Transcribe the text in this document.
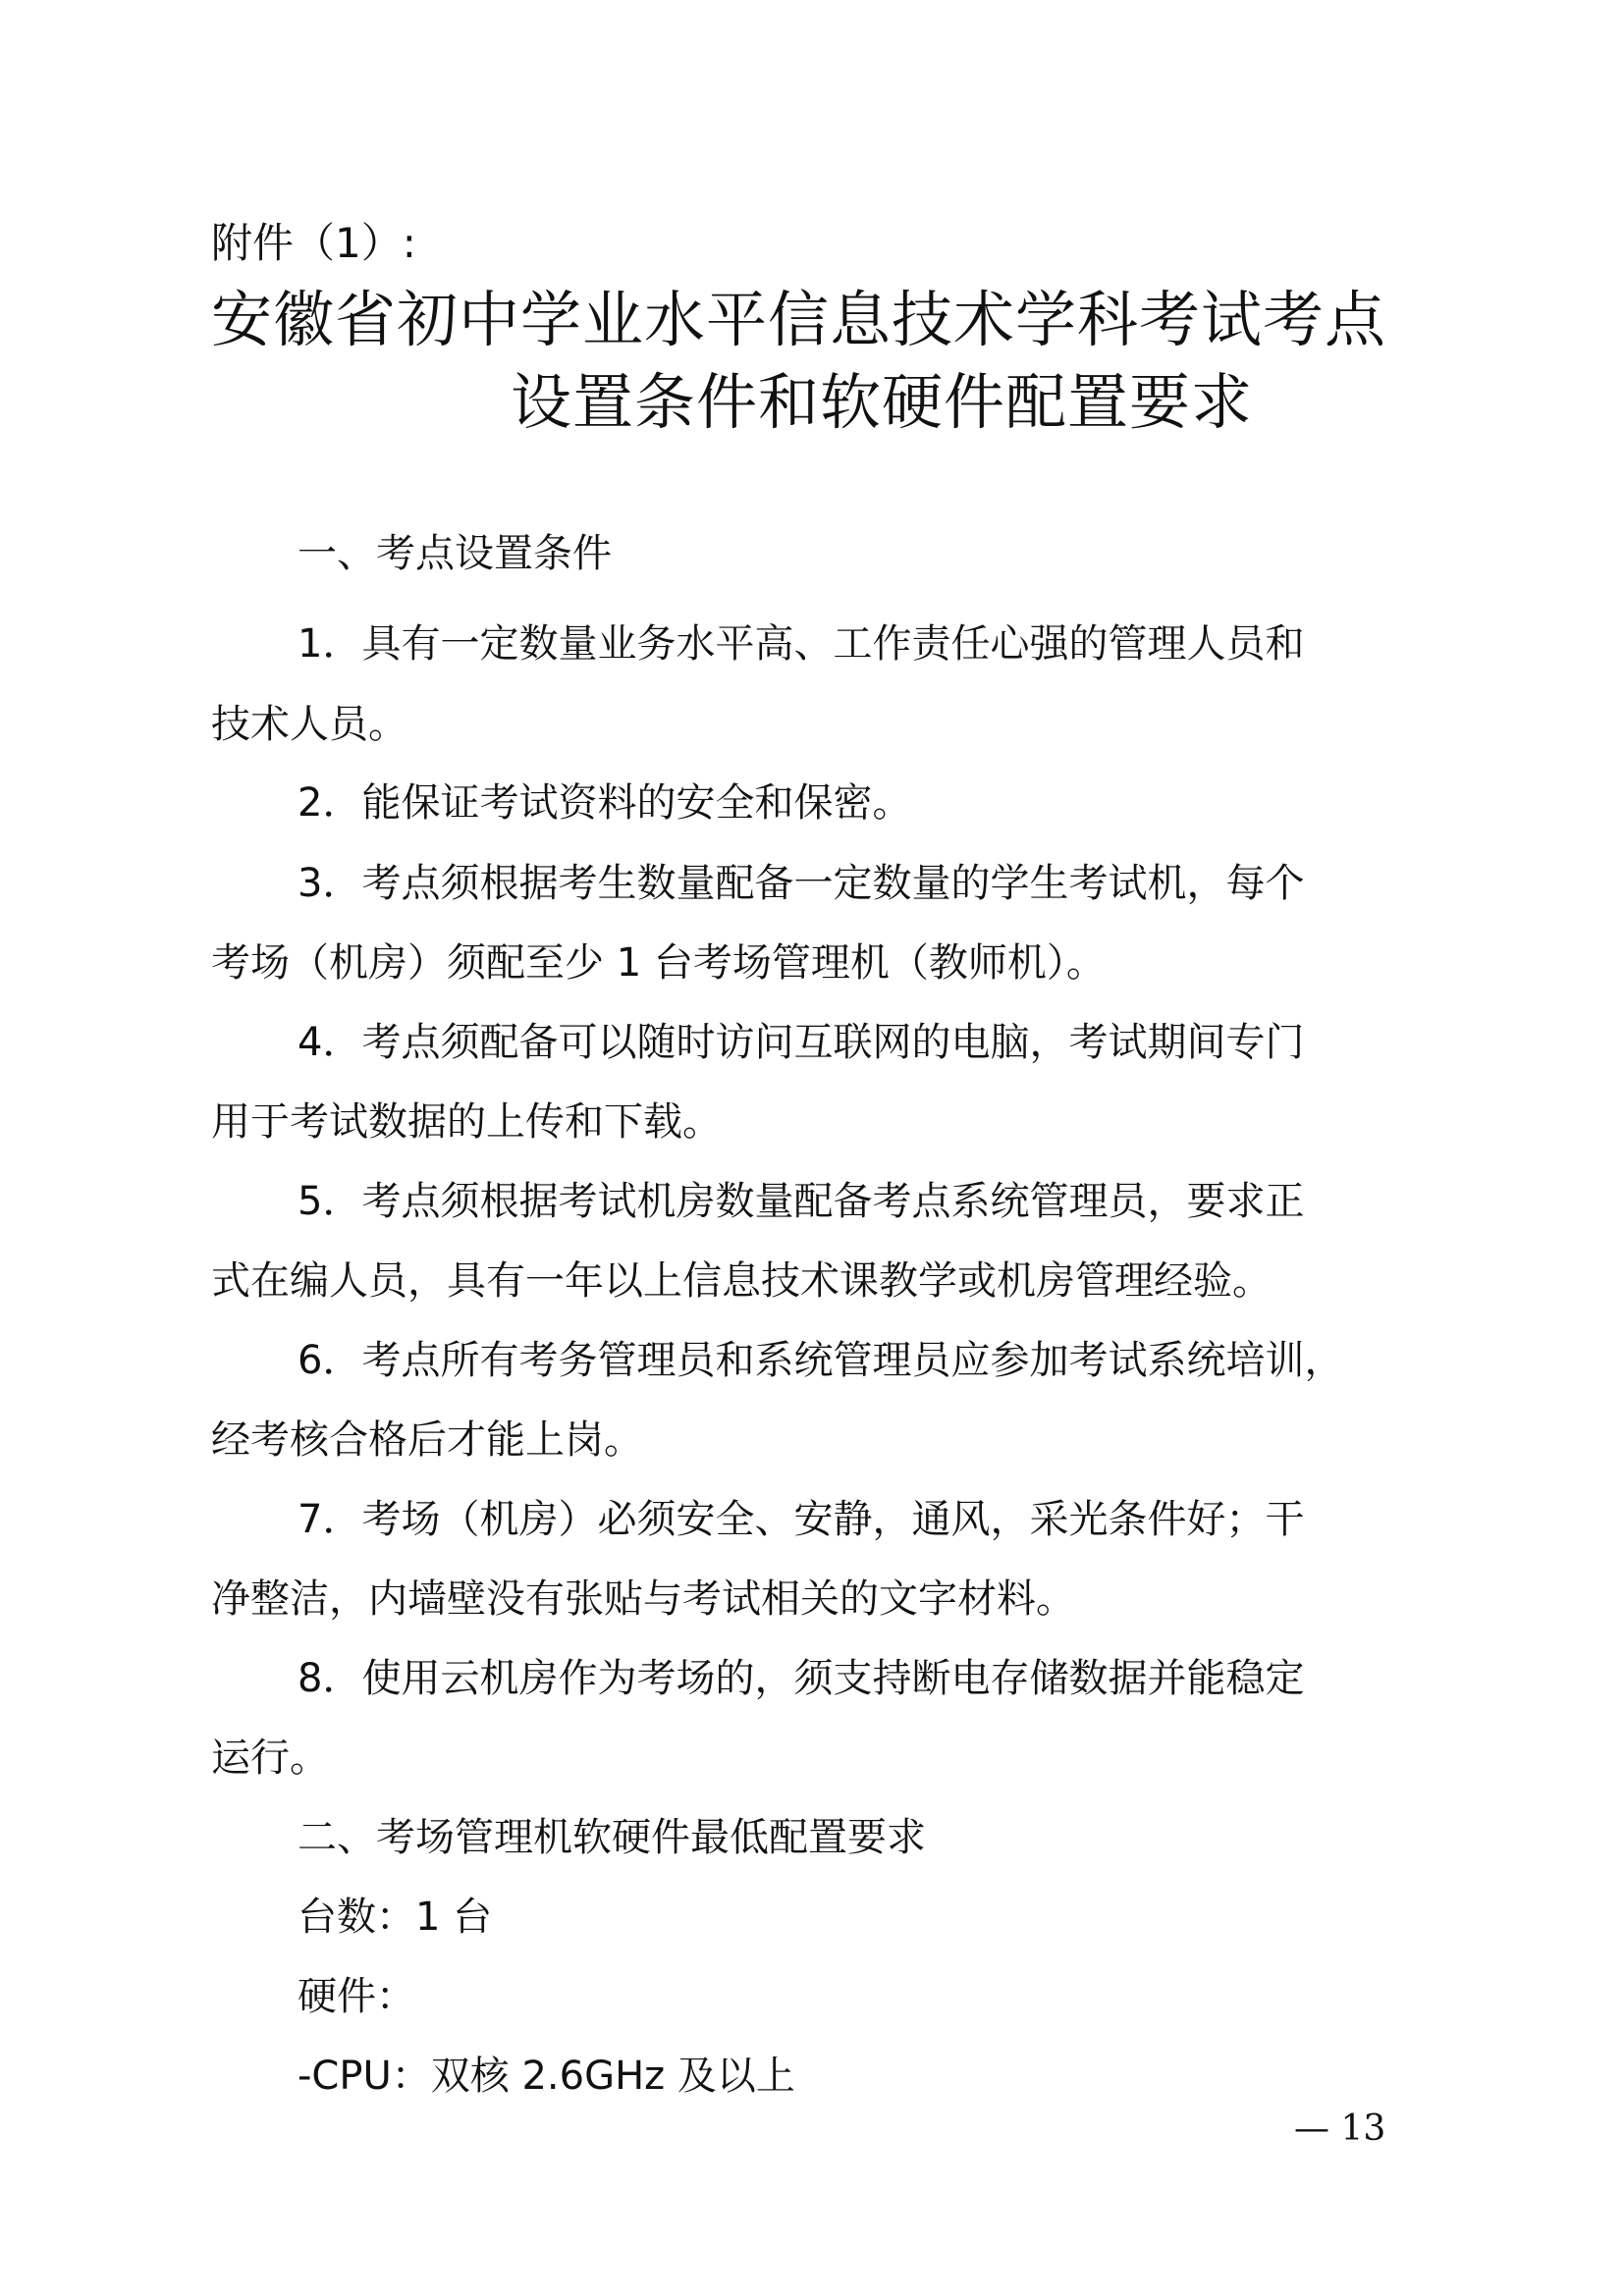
附件（1）:
安徽省初中学业水平信息技术学科考试考点
设置条件和软硬件配置要求
一、考点设置条件
1．具有一定数量业务水平高、工作责任心强的管理人员和
技术人员。
2．能保证考试资料的安全和保密。
3．考点须根据考生数量配备一定数量的学生考试机，每个
考场（机房）须配至少 1 台考场管理机（教师机）。
4．考点须配备可以随时访问互联网的电脑，考试期间专门
用于考试数据的上传和下载。
5．考点须根据考试机房数量配备考点系统管理员，要求正
式在编人员，具有一年以上信息技术课教学或机房管理经验。
6．考点所有考务管理员和系统管理员应参加考试系统培训，
经考核合格后才能上岗。
7．考场（机房）必须安全、安静，通风，采光条件好；干
净整洁，内墙壁没有张贴与考试相关的文字材料。
8．使用云机房作为考场的，须支持断电存储数据并能稳定
运行。
二、考场管理机软硬件最低配置要求
台数：1 台
硬件：
-CPU：双核 2.6GHz 及以上
— 13
